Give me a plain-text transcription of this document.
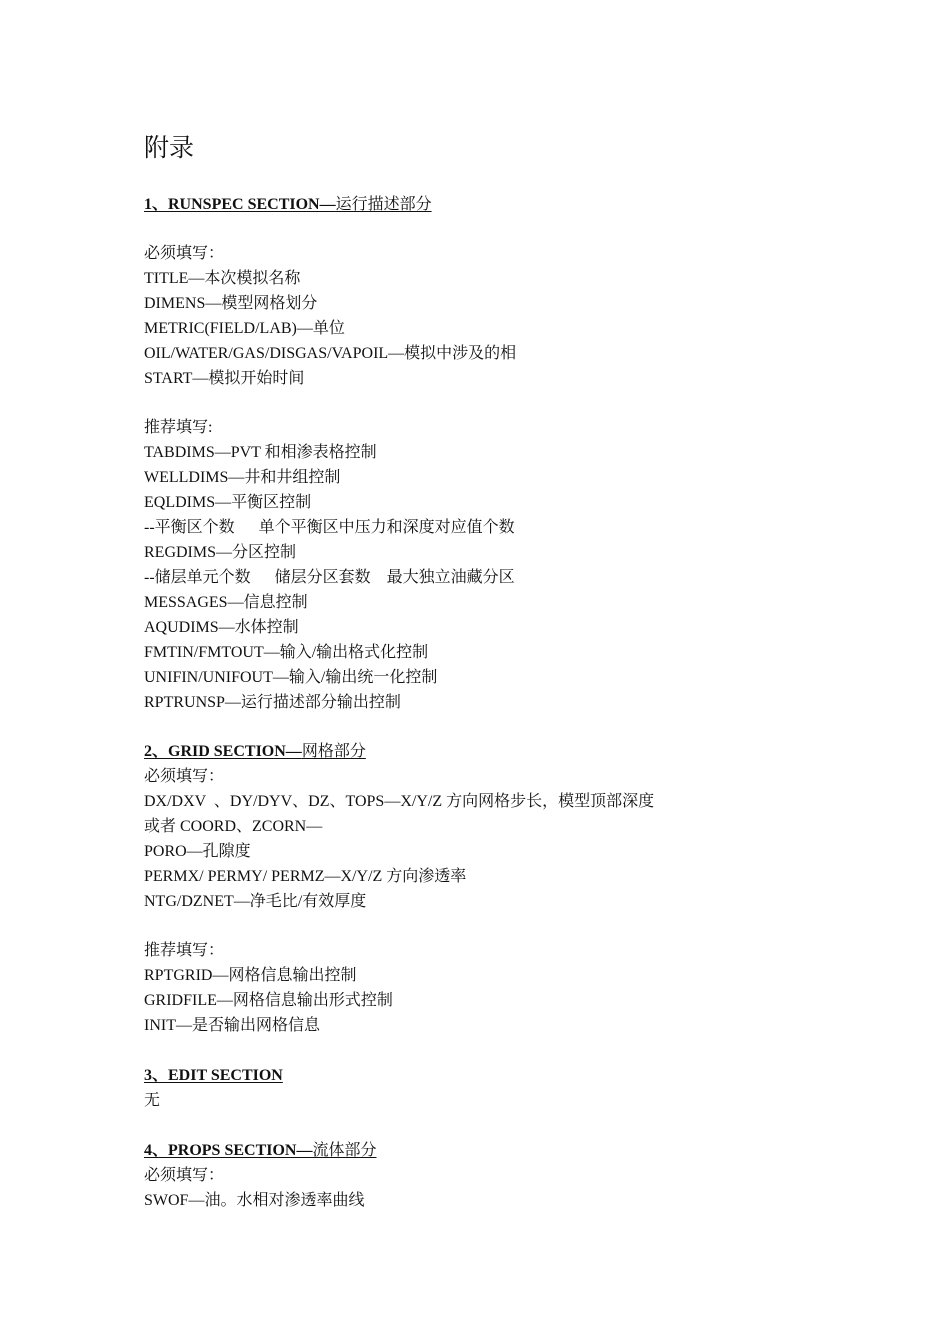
附录
1、RUNSPEC SECTION—运行描述部分
必须填写：
TITLE—本次模拟名称
DIMENS—模型网格划分
METRIC(FIELD/LAB)—单位
OIL/WATER/GAS/DISGAS/VAPOIL—模拟中涉及的相
START—模拟开始时间
推荐填写:
TABDIMS—PVT 和相渗表格控制
WELLDIMS—井和井组控制
EQLDIMS—平衡区控制
--平衡区个数      单个平衡区中压力和深度对应值个数
REGDIMS—分区控制
--储层单元个数      储层分区套数    最大独立油藏分区
MESSAGES—信息控制
AQUDIMS—水体控制
FMTIN/FMTOUT—输入/输出格式化控制
UNIFIN/UNIFOUT—输入/输出统一化控制
RPTRUNSP—运行描述部分输出控制
2、GRID SECTION—网格部分
必须填写：
DX/DXV  、DY/DYV、DZ、TOPS—X/Y/Z 方向网格步长，模型顶部深度
或者 COORD、ZCORN—
PORO—孔隙度
PERMX/ PERMY/ PERMZ—X/Y/Z 方向渗透率
NTG/DZNET—净毛比/有效厚度
推荐填写：
RPTGRID—网格信息输出控制
GRIDFILE—网格信息输出形式控制
INIT—是否输出网格信息
3、EDIT SECTION
无
4、PROPS SECTION—流体部分
必须填写：
SWOF—油。水相对渗透率曲线
